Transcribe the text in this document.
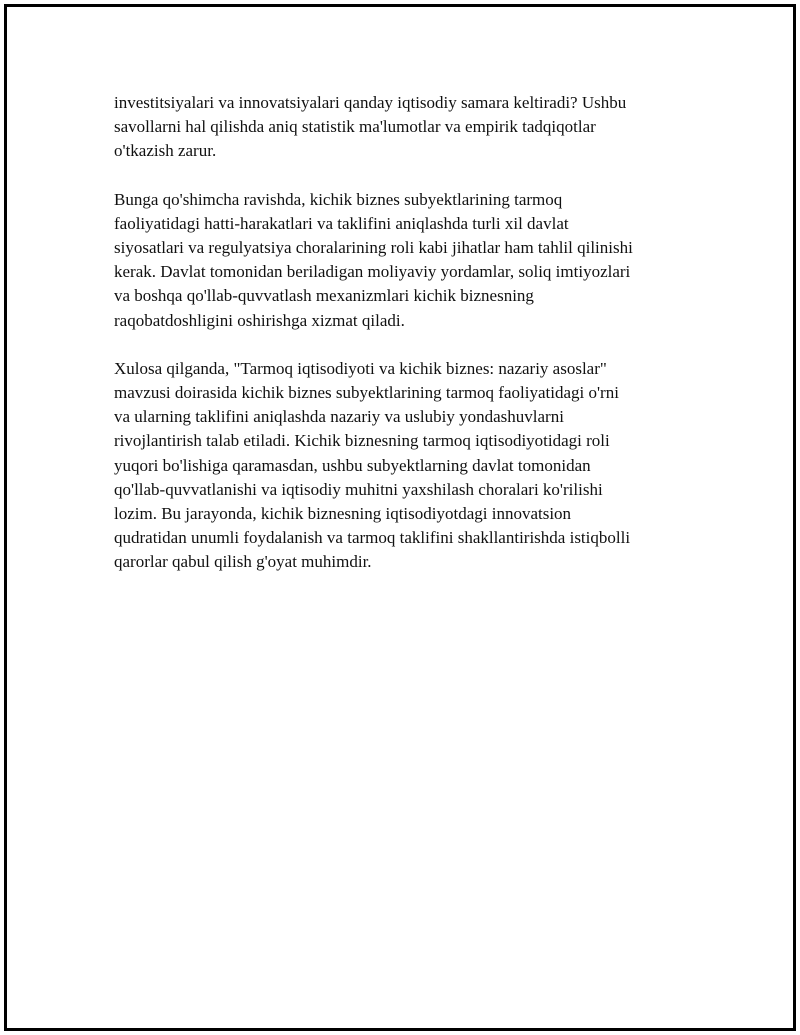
investitsiyalari va innovatsiyalari qanday iqtisodiy samara keltiradi? Ushbu
savollarni hal qilishda aniq statistik ma'lumotlar va empirik tadqiqotlar
o'tkazish zarur.

Bunga qo'shimcha ravishda, kichik biznes subyektlarining tarmoq
faoliyatidagi hatti-harakatlari va taklifini aniqlashda turli xil davlat
siyosatlari va regulyatsiya choralarining roli kabi jihatlar ham tahlil qilinishi
kerak. Davlat tomonidan beriladigan moliyaviy yordamlar, soliq imtiyozlari
va boshqa qo'llab-quvvatlash mexanizmlari kichik biznesning
raqobatdoshligini oshirishga xizmat qiladi.

Xulosa qilganda, "Tarmoq iqtisodiyoti va kichik biznes: nazariy asoslar"
mavzusi doirasida kichik biznes subyektlarining tarmoq faoliyatidagi o'rni
va ularning taklifini aniqlashda nazariy va uslubiy yondashuvlarni
rivojlantirish talab etiladi. Kichik biznesning tarmoq iqtisodiyotidagi roli
yuqori bo'lishiga qaramasdan, ushbu subyektlarning davlat tomonidan
qo'llab-quvvatlanishi va iqtisodiy muhitni yaxshilash choralari ko'rilishi
lozim. Bu jarayonda, kichik biznesning iqtisodiyotdagi innovatsion
qudratidan unumli foydalanish va tarmoq taklifini shakllantirishda istiqbolli
qarorlar qabul qilish g'oyat muhimdir.
